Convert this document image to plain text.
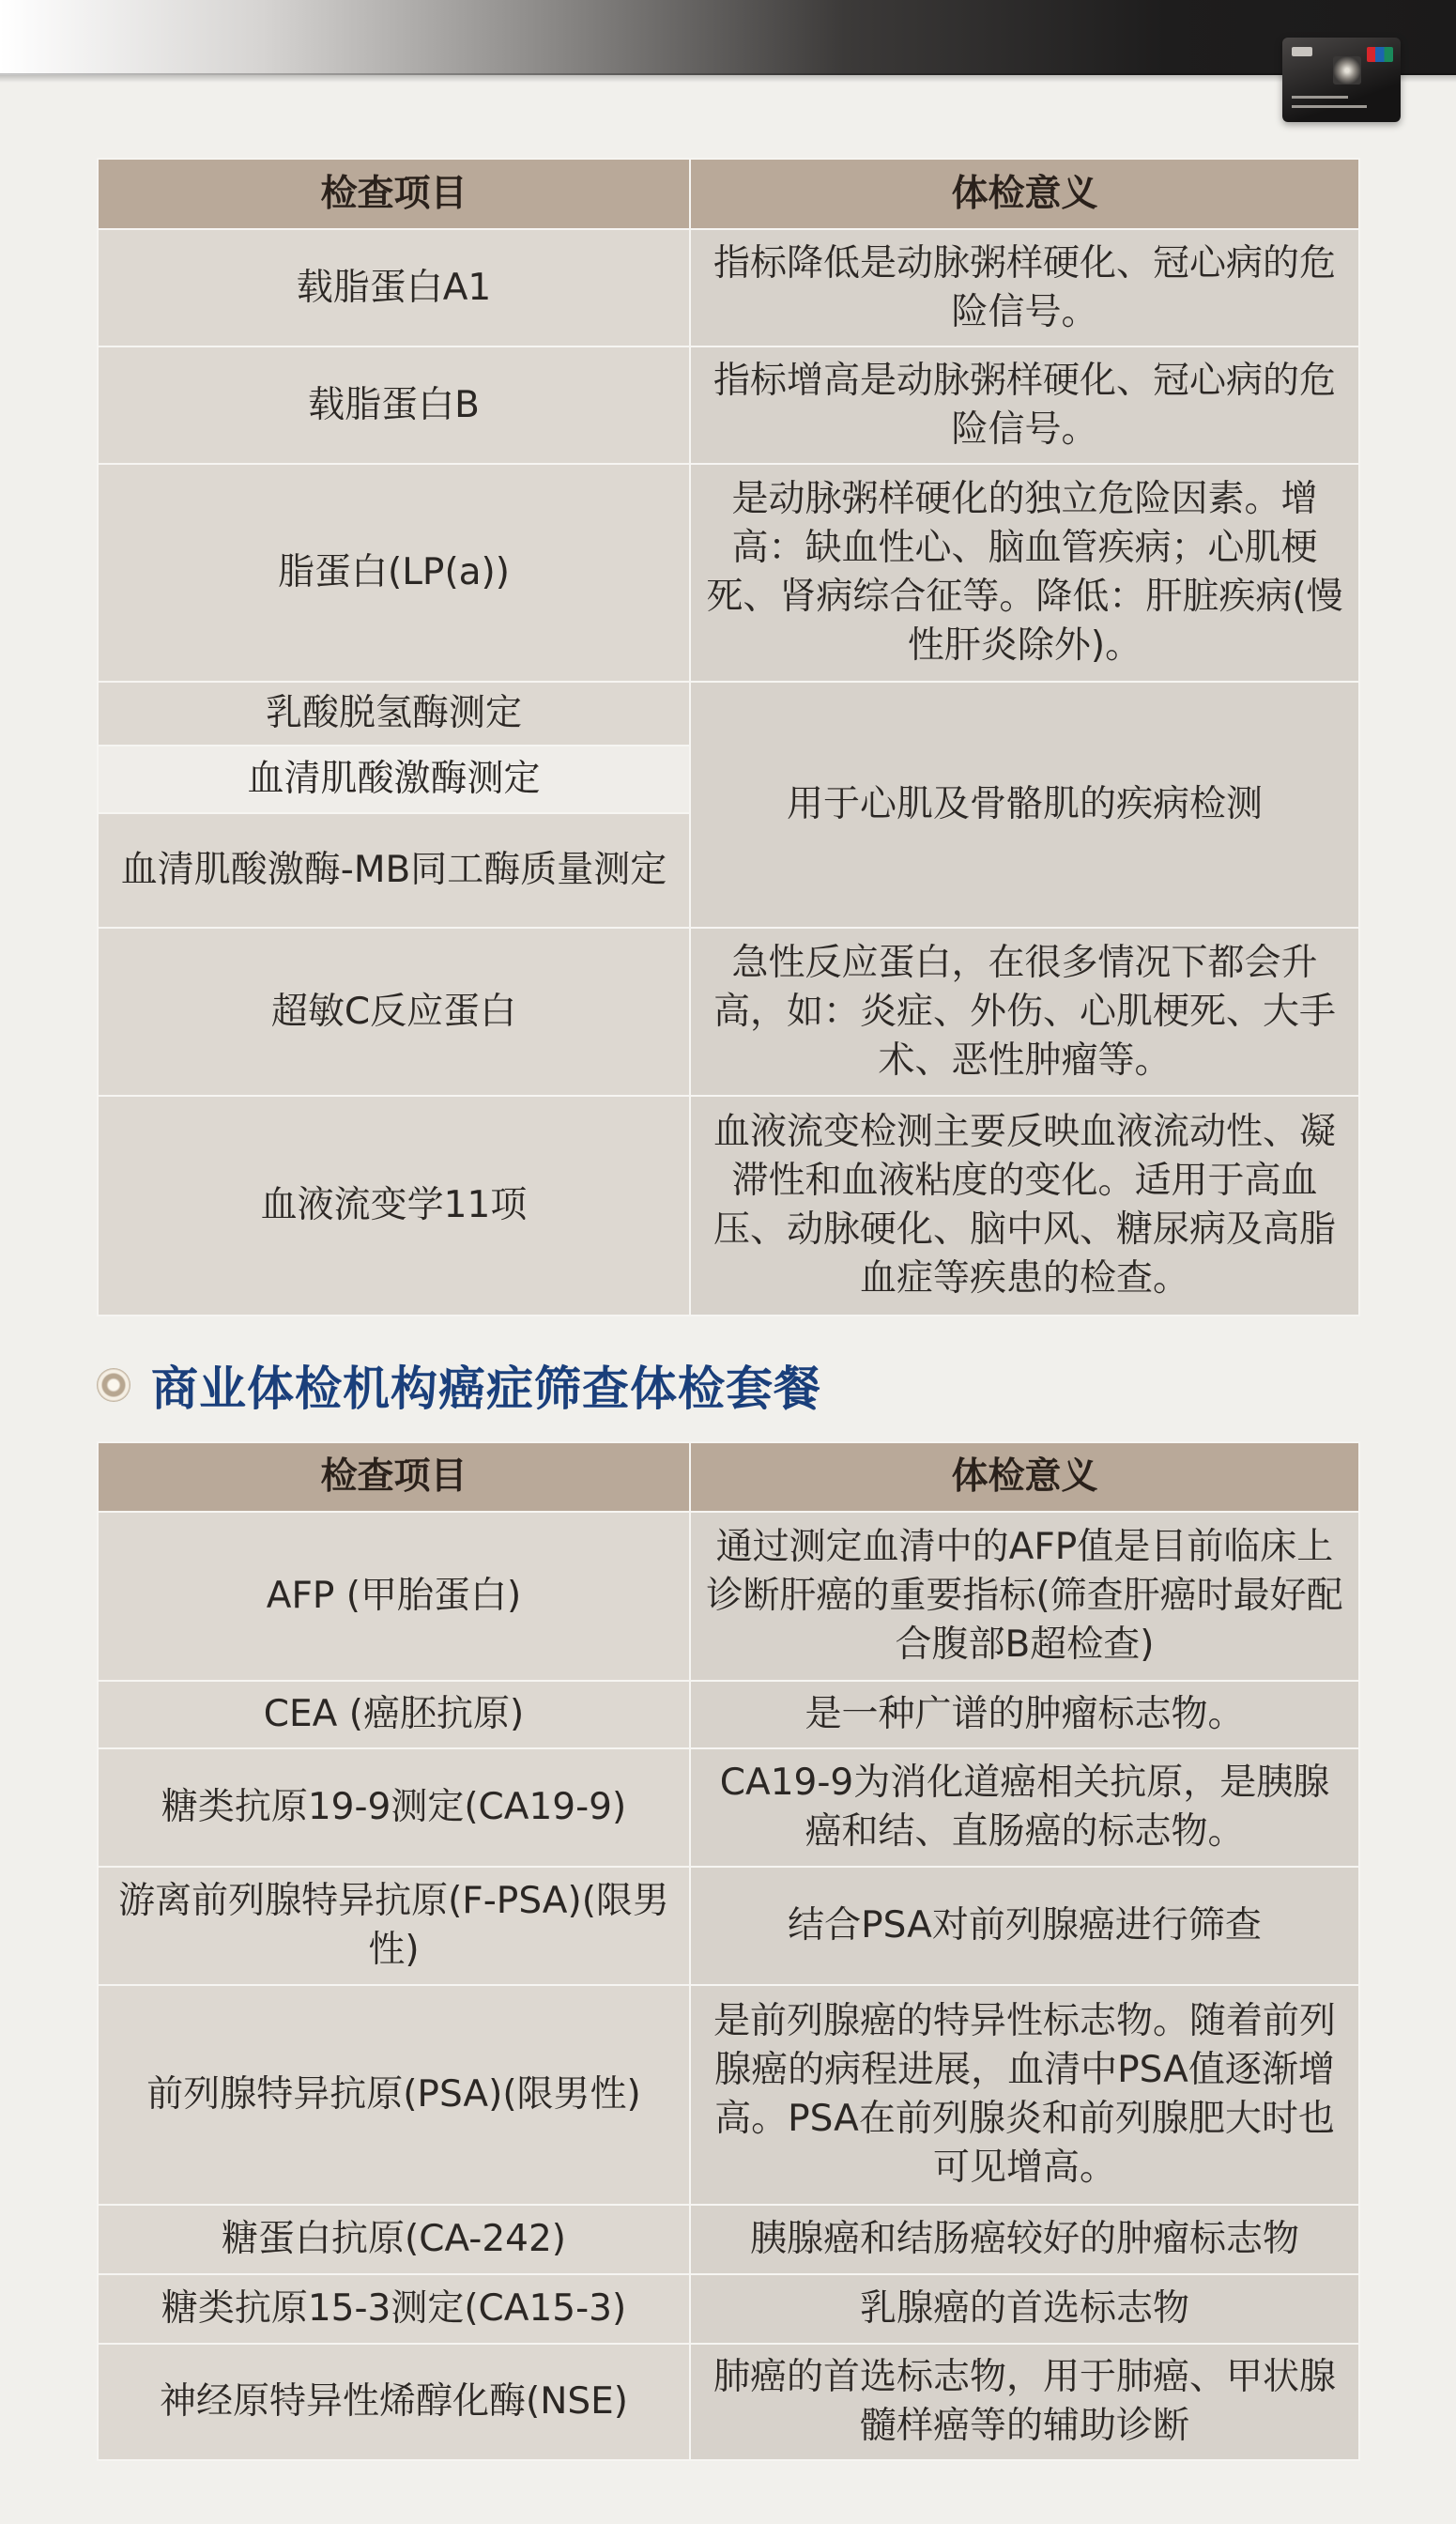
检查项目	体检意义
载脂蛋白A1	指标降低是动脉粥样硬化、冠心病的危险信号。
载脂蛋白B	指标增高是动脉粥样硬化、冠心病的危险信号。
脂蛋白(LP(a))	是动脉粥样硬化的独立危险因素。增高：缺血性心、脑血管疾病；心肌梗死、肾病综合征等。降低：肝脏疾病(慢性肝炎除外)。
乳酸脱氢酶测定	用于心肌及骨骼肌的疾病检测
血清肌酸激酶测定	
血清肌酸激酶-MB同工酶质量测定	
超敏C反应蛋白	急性反应蛋白，在很多情况下都会升高，如：炎症、外伤、心肌梗死、大手术、恶性肿瘤等。
血液流变学11项	血液流变检测主要反映血液流动性、凝滞性和血液粘度的变化。适用于高血压、动脉硬化、脑中风、糖尿病及高脂血症等疾患的检查。
商业体检机构癌症筛查体检套餐
检查项目	体检意义
AFP (甲胎蛋白)	通过测定血清中的AFP值是目前临床上诊断肝癌的重要指标(筛查肝癌时最好配合腹部B超检查)
CEA (癌胚抗原)	是一种广谱的肿瘤标志物。
糖类抗原19-9测定(CA19-9)	CA19-9为消化道癌相关抗原，是胰腺癌和结、直肠癌的标志物。
游离前列腺特异抗原(F-PSA)(限男性)	结合PSA对前列腺癌进行筛查
前列腺特异抗原(PSA)(限男性)	是前列腺癌的特异性标志物。随着前列腺癌的病程进展，血清中PSA值逐渐增高。PSA在前列腺炎和前列腺肥大时也可见增高。
糖蛋白抗原(CA-242)	胰腺癌和结肠癌较好的肿瘤标志物
糖类抗原15-3测定(CA15-3)	乳腺癌的首选标志物
神经原特异性烯醇化酶(NSE)	肺癌的首选标志物，用于肺癌、甲状腺髓样癌等的辅助诊断
